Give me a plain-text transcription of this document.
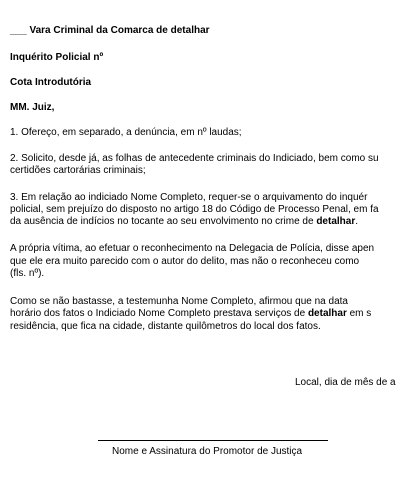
___ Vara Criminal da Comarca de detalhar
Inquérito Policial nº
Cota Introdutória
MM. Juiz,
1. Ofereço, em separado, a denúncia, em nº laudas;
2. Solicito, desde já, as folhas de antecedente criminais do Indiciado, bem como su
certidões cartorárias criminais;
3. Em relação ao indiciado Nome Completo, requer-se o arquivamento do inquér
policial, sem prejuízo do disposto no artigo 18 do Código de Processo Penal, em fa
da ausência de indícios no tocante ao seu envolvimento no crime de detalhar.
A própria vítima, ao efetuar o reconhecimento na Delegacia de Polícia, disse apen
que ele era muito parecido com o autor do delito, mas não o reconheceu como
(fls. nº).
Como se não bastasse, a testemunha Nome Completo, afirmou que na data
horário dos fatos o Indiciado Nome Completo prestava serviços de detalhar em s
residência, que fica na cidade, distante quilômetros do local dos fatos.
Local, dia de mês de a
Nome e Assinatura do Promotor de Justiça
